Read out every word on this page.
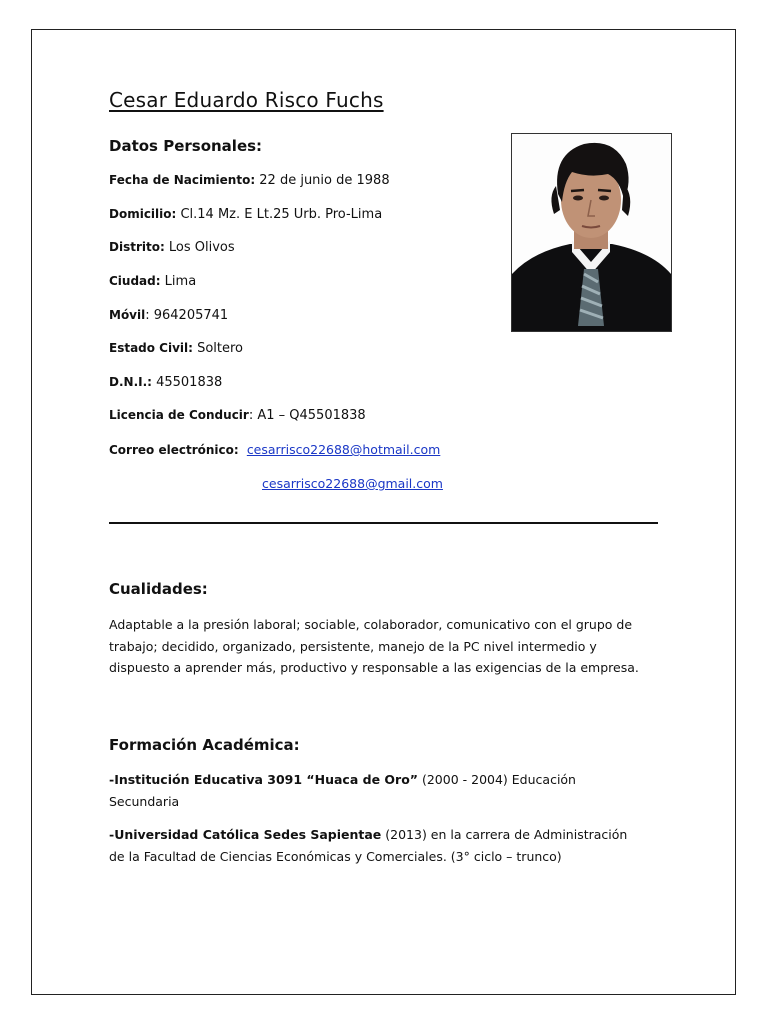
Cesar Eduardo Risco Fuchs
Datos Personales:
Fecha de Nacimiento: 22 de junio de 1988
Domicilio: Cl.14 Mz. E Lt.25 Urb. Pro-Lima
Distrito: Los Olivos
Ciudad: Lima
Móvil: 964205741
Estado Civil: Soltero
D.N.I.: 45501838
Licencia de Conducir: A1 – Q45501838
Correo electrónico: cesarrisco22688@hotmail.com
cesarrisco22688@gmail.com
Cualidades:

Adaptable a la presión laboral; sociable, colaborador, comunicativo con el grupo de
trabajo; decidido, organizado, persistente, manejo de la PC nivel intermedio y
dispuesto a aprender más, productivo y responsable a las exigencias de la empresa.

Formación Académica:

-Institución Educativa 3091 “Huaca de Oro” (2000 - 2004) Educación
Secundaria

-Universidad Católica Sedes Sapientae (2013) en la carrera de Administración
de la Facultad de Ciencias Económicas y Comerciales. (3° ciclo – trunco)
